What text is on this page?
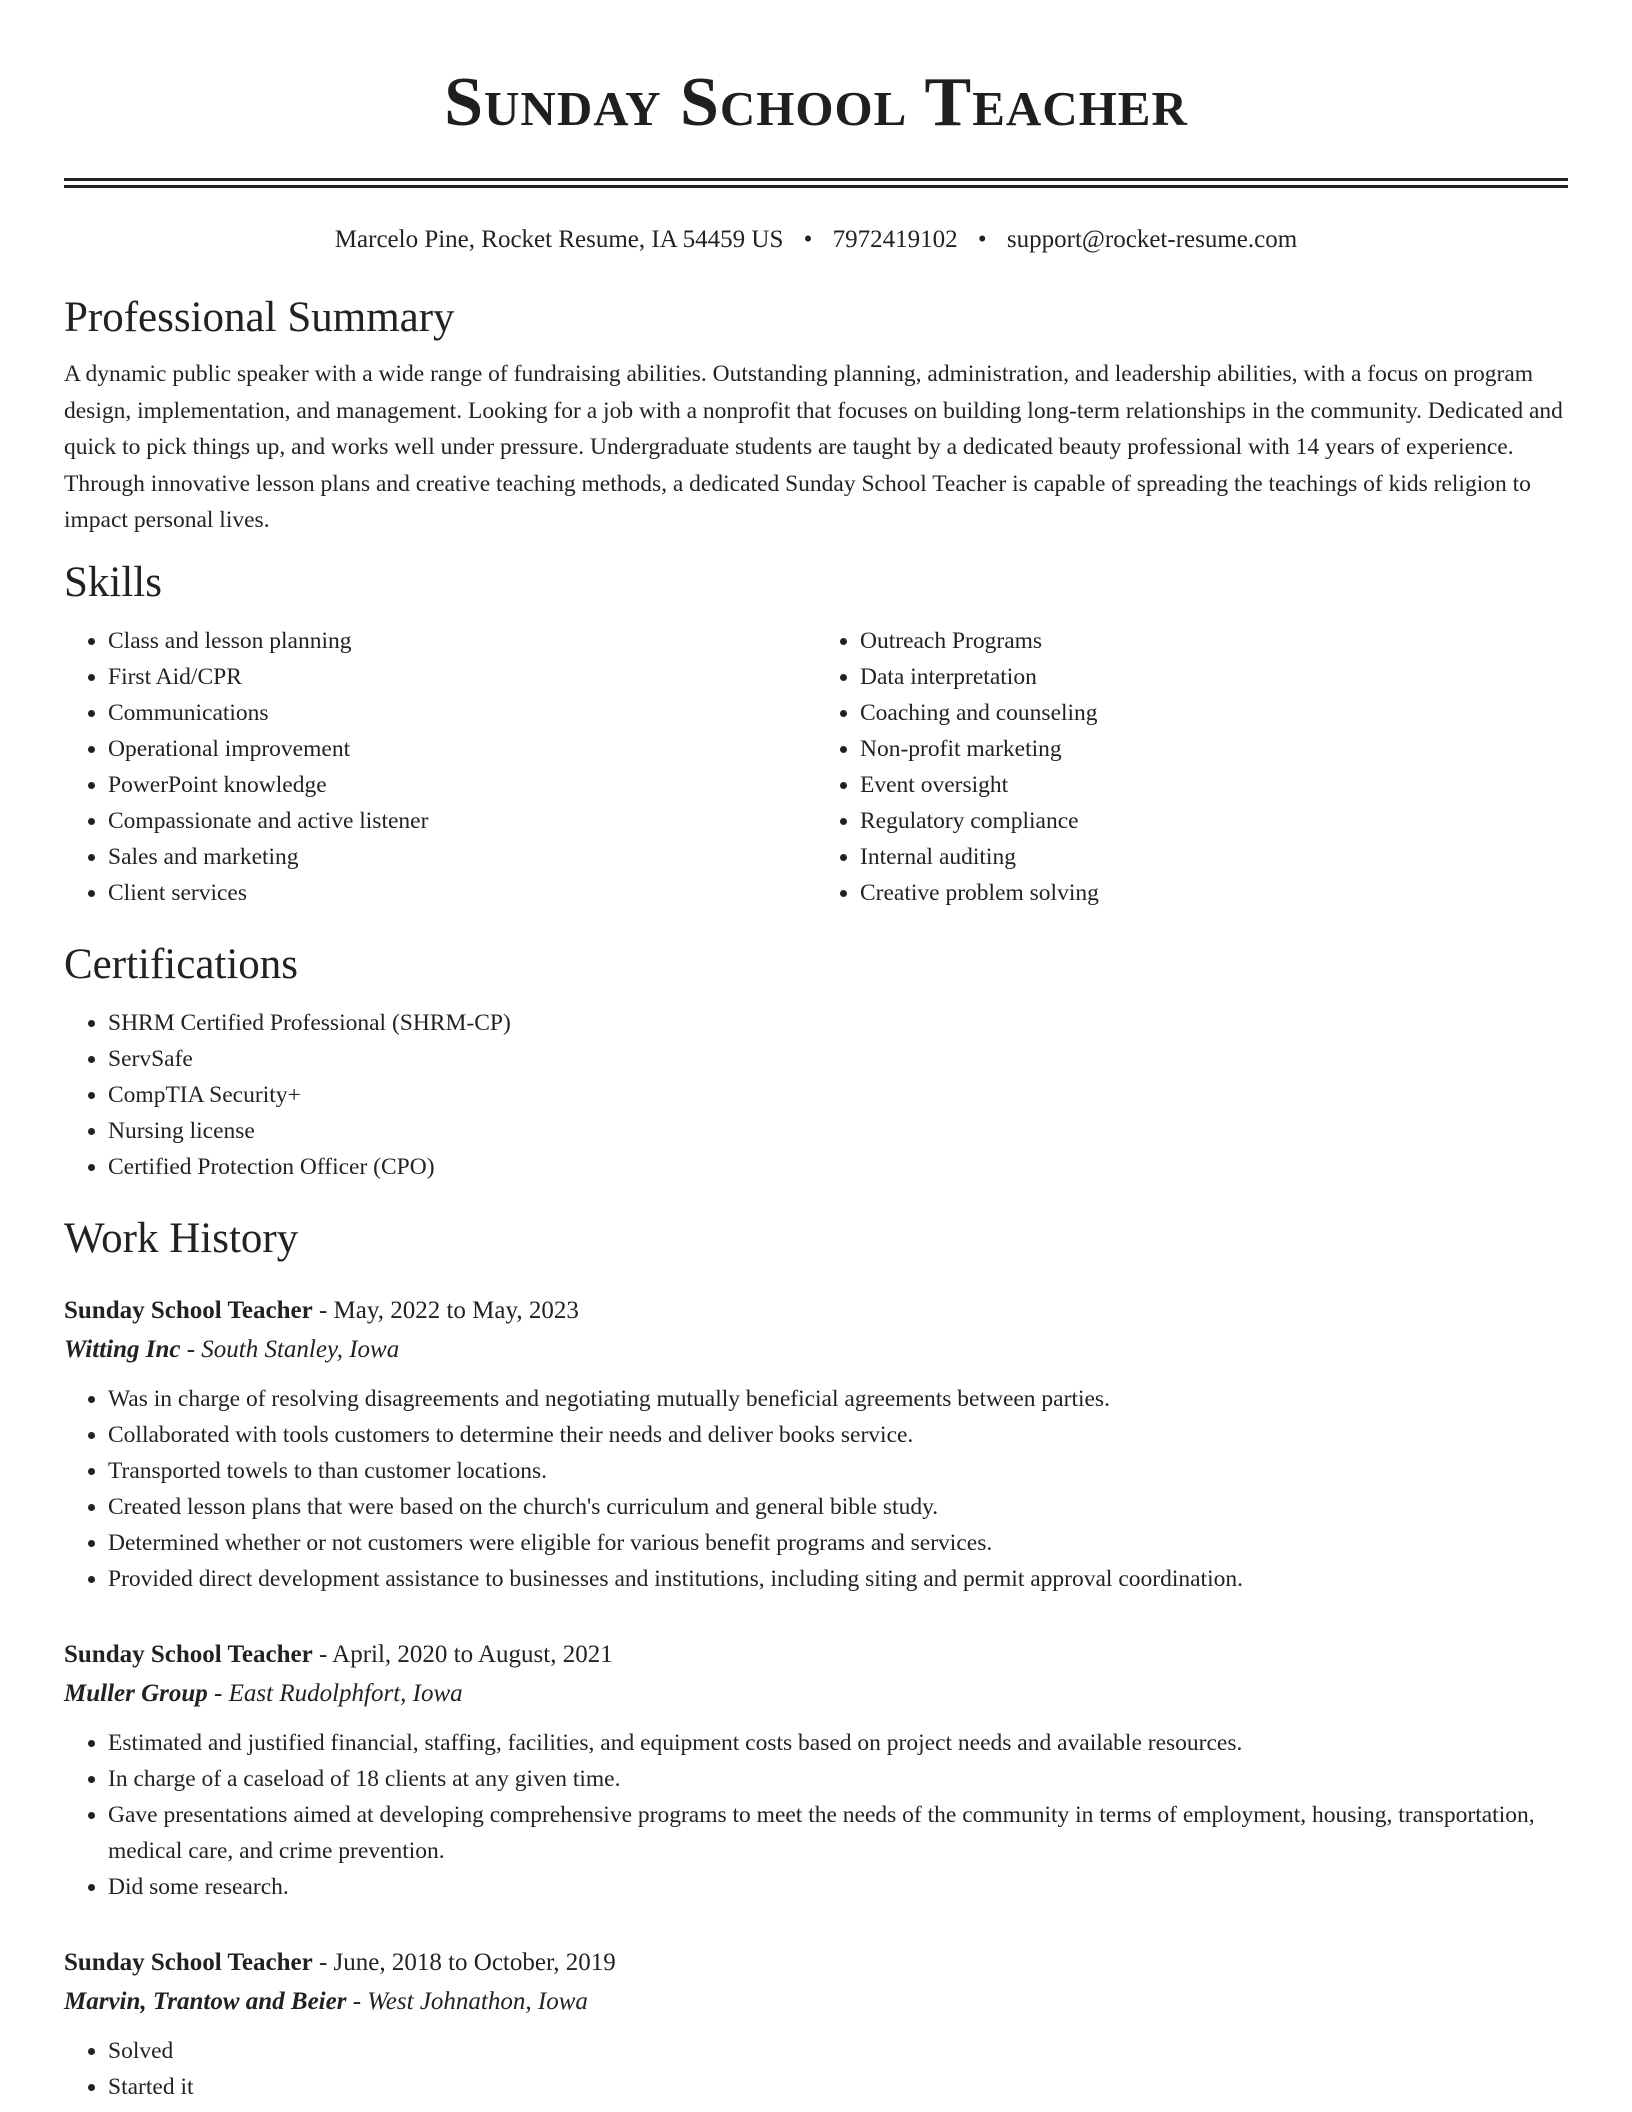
Sunday School Teacher
Marcelo Pine, Rocket Resume, IA 54459 US • 7972419102 • support@rocket-resume.com
Professional Summary

A dynamic public speaker with a wide range of fundraising abilities. Outstanding planning, administration, and leadership abilities, with a focus on program design, implementation, and management. Looking for a job with a nonprofit that focuses on building long-term relationships in the community. Dedicated and quick to pick things up, and works well under pressure. Undergraduate students are taught by a dedicated beauty professional with 14 years of experience. Through innovative lesson plans and creative teaching methods, a dedicated Sunday School Teacher is capable of spreading the teachings of kids religion to impact personal lives.

Skills
• Class and lesson planning
• First Aid/CPR
• Communications
• Operational improvement
• PowerPoint knowledge
• Compassionate and active listener
• Sales and marketing
• Client services
• Outreach Programs
• Data interpretation
• Coaching and counseling
• Non-profit marketing
• Event oversight
• Regulatory compliance
• Internal auditing
• Creative problem solving
Certifications
• SHRM Certified Professional (SHRM-CP)
• ServSafe
• CompTIA Security+
• Nursing license
• Certified Protection Officer (CPO)
Work History
Sunday School Teacher - May, 2022 to May, 2023
Witting Inc - South Stanley, Iowa
• Was in charge of resolving disagreements and negotiating mutually beneficial agreements between parties.
• Collaborated with tools customers to determine their needs and deliver books service.
• Transported towels to than customer locations.
• Created lesson plans that were based on the church's curriculum and general bible study.
• Determined whether or not customers were eligible for various benefit programs and services.
• Provided direct development assistance to businesses and institutions, including siting and permit approval coordination.
Sunday School Teacher - April, 2020 to August, 2021
Muller Group - East Rudolphfort, Iowa
• Estimated and justified financial, staffing, facilities, and equipment costs based on project needs and available resources.
• In charge of a caseload of 18 clients at any given time.
• Gave presentations aimed at developing comprehensive programs to meet the needs of the community in terms of employment, housing, transportation, medical care, and crime prevention.
• Did some research.
Sunday School Teacher - June, 2018 to October, 2019
Marvin, Trantow and Beier - West Johnathon, Iowa
• Solved
• Started it
